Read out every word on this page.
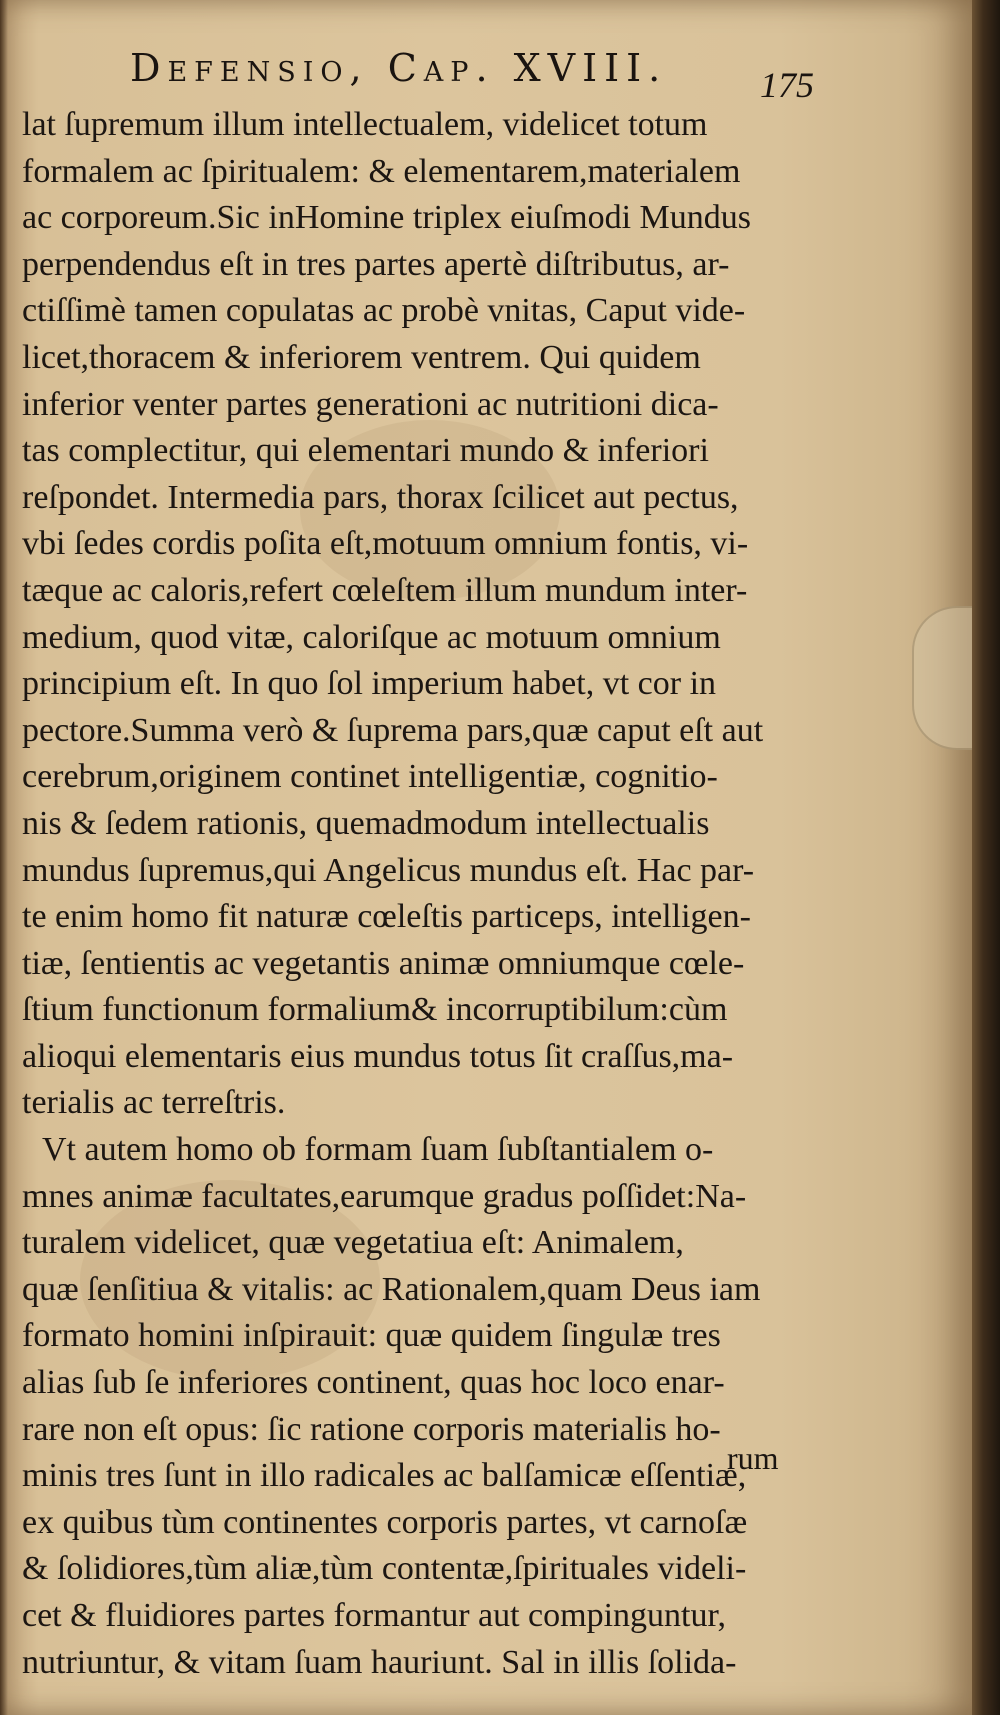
Defensio, Cap. XVIII.	175
lat ſupremum illum intellectualem, videlicet totum
formalem ac ſpiritualem: & elementarem,materialem
ac corporeum.Sic inHomine triplex eiuſmodi Mundus
perpendendus eſt in tres partes apertè diſtributus, ar-
ctiſſimè tamen copulatas ac probè vnitas, Caput vide-
licet,thoracem & inferiorem ventrem. Qui quidem
inferior venter partes generationi ac nutritioni dica-
tas complectitur, qui elementari mundo & inferiori
reſpondet. Intermedia pars, thorax ſcilicet aut pectus,
vbi ſedes cordis poſita eſt,motuum omnium fontis, vi-
tæque ac caloris,refert cœleſtem illum mundum inter-
medium, quod vitæ, caloriſque ac motuum omnium
principium eſt. In quo ſol imperium habet, vt cor in
pectore.Summa verò & ſuprema pars,quæ caput eſt aut
cerebrum,originem continet intelligentiæ, cognitio-
nis & ſedem rationis, quemadmodum intellectualis
mundus ſupremus,qui Angelicus mundus eſt. Hac par-
te enim homo fit naturæ cœleſtis particeps, intelligen-
tiæ, ſentientis ac vegetantis animæ omniumque cœle-
ſtium functionum formalium& incorruptibilum:cùm
alioqui elementaris eius mundus totus ſit craſſus,ma-
terialis ac terreſtris.
Vt autem homo ob formam ſuam ſubſtantialem o-
mnes animæ facultates,earumque gradus poſſidet:Na-
turalem videlicet, quæ vegetatiua eſt: Animalem,
quæ ſenſitiua & vitalis: ac Rationalem,quam Deus iam
formato homini inſpirauit: quæ quidem ſingulæ tres
alias ſub ſe inferiores continent, quas hoc loco enar-
rare non eſt opus: ſic ratione corporis materialis ho-
minis tres ſunt in illo radicales ac balſamicæ eſſentiæ,
ex quibus tùm continentes corporis partes, vt carnoſæ
& ſolidiores,tùm aliæ,tùm contentæ,ſpirituales videli-
cet & fluidiores partes formantur aut compinguntur,
nutriuntur, & vitam ſuam hauriunt. Sal in illis ſolida-
rum
